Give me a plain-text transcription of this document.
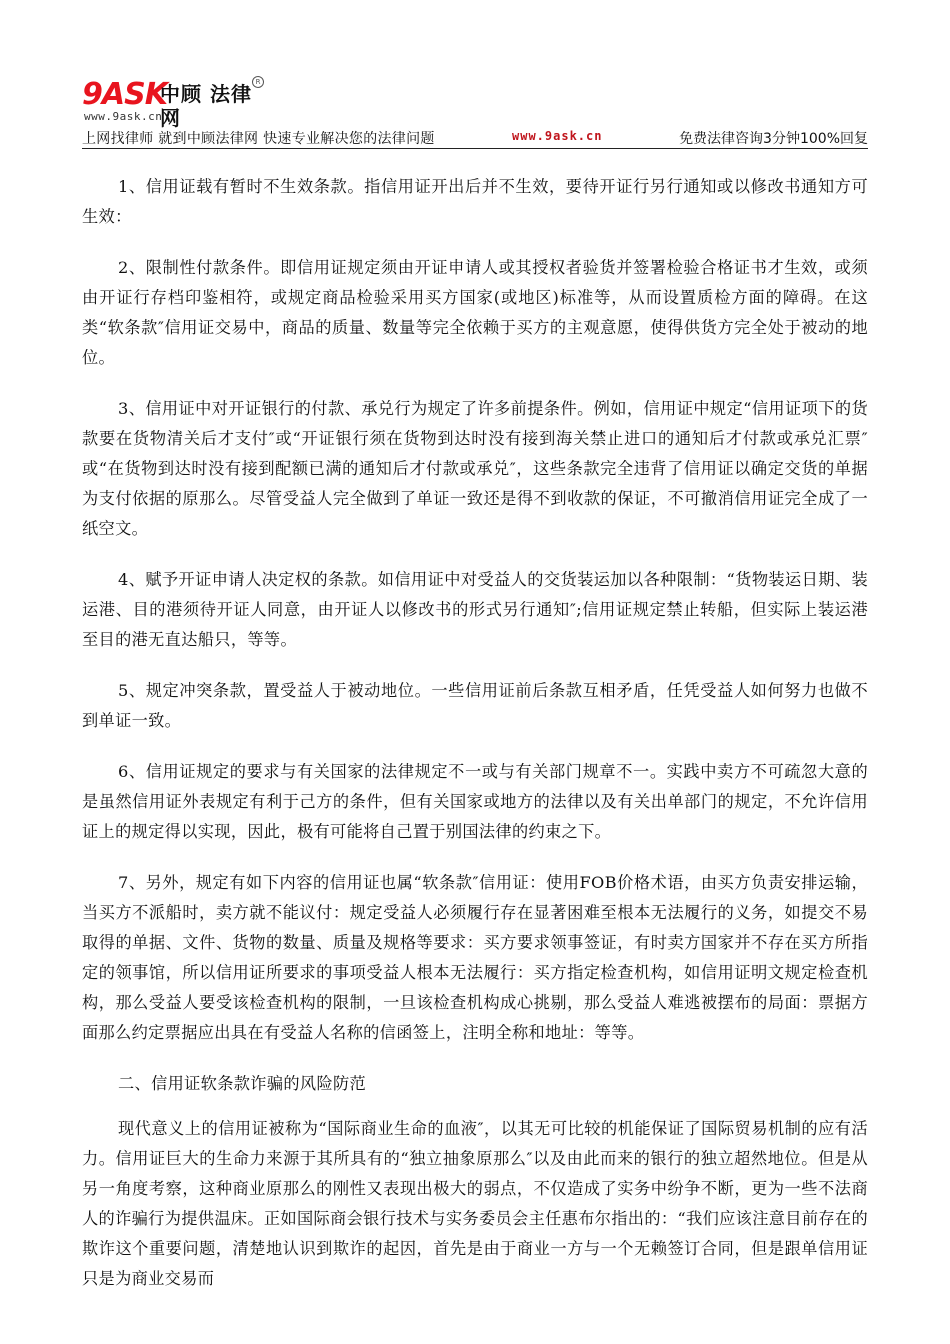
9ASK
中顾 法律网
R
www.9ask.cn
上网找律师 就到中顾法律网 快速专业解决您的法律问题	www.9ask.cn	免费法律咨询3分钟100%回复

1、信用证载有暂时不生效条款。指信用证开出后并不生效，要待开证行另行通知或以修改书通知方可生效：

2、限制性付款条件。即信用证规定须由开证申请人或其授权者验货并签署检验合格证书才生效，或须由开证行存档印鉴相符，或规定商品检验采用买方国家(或地区)标准等，从而设置质检方面的障碍。在这类“软条款″信用证交易中，商品的质量、数量等完全依赖于买方的主观意愿，使得供货方完全处于被动的地位。

3、信用证中对开证银行的付款、承兑行为规定了许多前提条件。例如，信用证中规定“信用证项下的货款要在货物清关后才支付″或“开证银行须在货物到达时没有接到海关禁止进口的通知后才付款或承兑汇票″或“在货物到达时没有接到配额已满的通知后才付款或承兑″，这些条款完全违背了信用证以确定交货的单据为支付依据的原那么。尽管受益人完全做到了单证一致还是得不到收款的保证，不可撤消信用证完全成了一纸空文。

4、赋予开证申请人决定权的条款。如信用证中对受益人的交货装运加以各种限制：“货物装运日期、装运港、目的港须待开证人同意，由开证人以修改书的形式另行通知″;信用证规定禁止转船，但实际上装运港至目的港无直达船只，等等。

5、规定冲突条款，置受益人于被动地位。一些信用证前后条款互相矛盾，任凭受益人如何努力也做不到单证一致。

6、信用证规定的要求与有关国家的法律规定不一或与有关部门规章不一。实践中卖方不可疏忽大意的是虽然信用证外表规定有利于己方的条件，但有关国家或地方的法律以及有关出单部门的规定，不允许信用证上的规定得以实现，因此，极有可能将自己置于别国法律的约束之下。

7、另外，规定有如下内容的信用证也属“软条款″信用证：使用FOB价格术语，由买方负责安排运输，当买方不派船时，卖方就不能议付：规定受益人必须履行存在显著困难至根本无法履行的义务，如提交不易取得的单据、文件、货物的数量、质量及规格等要求：买方要求领事签证，有时卖方国家并不存在买方所指定的领事馆，所以信用证所要求的事项受益人根本无法履行：买方指定检查机构，如信用证明文规定检查机构，那么受益人要受该检查机构的限制，一旦该检查机构成心挑剔，那么受益人难逃被摆布的局面：票据方面那么约定票据应出具在有受益人名称的信函签上，注明全称和地址：等等。

二、信用证软条款诈骗的风险防范

现代意义上的信用证被称为“国际商业生命的血液″，以其无可比较的机能保证了国际贸易机制的应有活力。信用证巨大的生命力来源于其所具有的“独立抽象原那么″以及由此而来的银行的独立超然地位。但是从另一角度考察，这种商业原那么的刚性又表现出极大的弱点，不仅造成了实务中纷争不断，更为一些不法商人的诈骗行为提供温床。正如国际商会银行技术与实务委员会主任惠布尔指出的：“我们应该注意目前存在的欺诈这个重要问题，清楚地认识到欺诈的起因，首先是由于商业一方与一个无赖签订合同，但是跟单信用证只是为商业交易而
